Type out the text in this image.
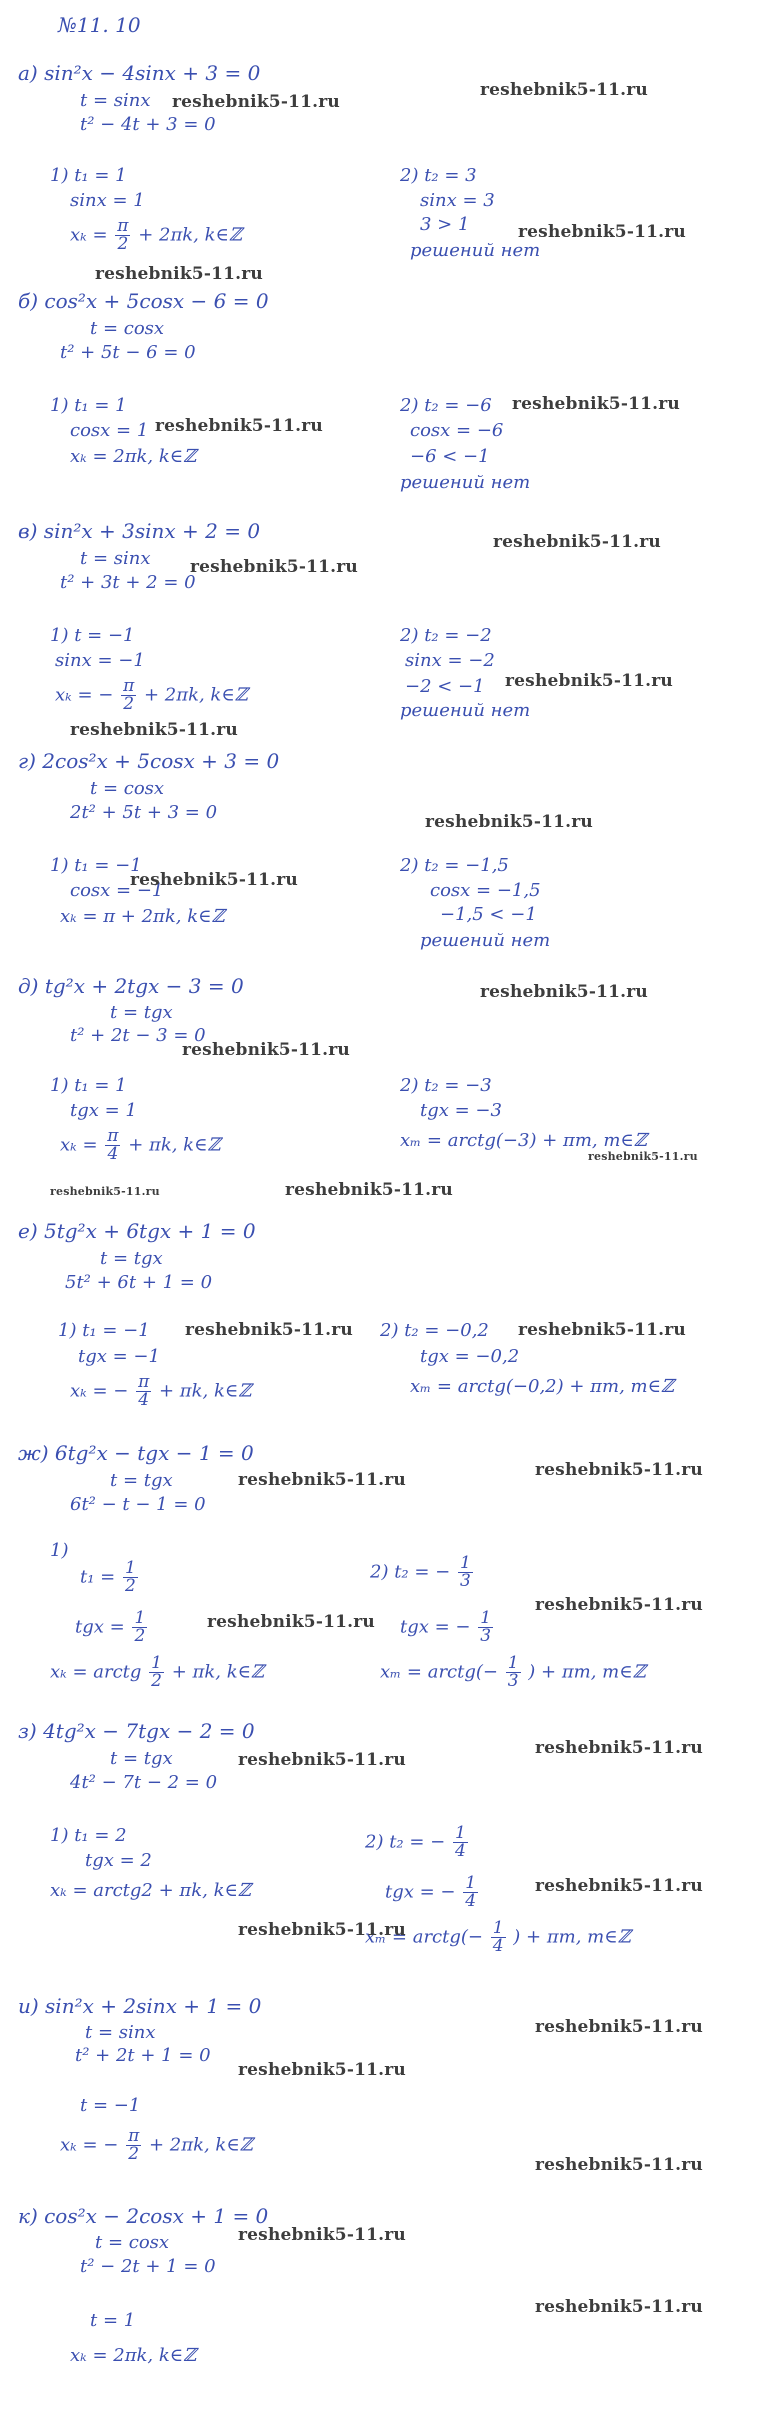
№11. 10
а) sin²x − 4sinx + 3 = 0
t = sinx
t² − 4t + 3 = 0
1) t₁ = 1
sinx = 1
$x_k = \frac{\pi}{2} + 2\pi k$, k∈ℤ
2) t₂ = 3
sinx = 3
3 > 1
решений нет
б) cos²x + 5cosx − 6 = 0
t = cosx
t² + 5t − 6 = 0
1) t₁ = 1
cosx = 1
xₖ = 2πk, k∈ℤ
2) t₂ = −6
cosx = −6
−6 < −1
решений нет
в) sin²x + 3sinx + 2 = 0
t = sinx
t² + 3t + 2 = 0
1) t = −1
sinx = −1
xₖ = − $\frac{\pi}{2} + 2\pi k$, k∈ℤ
2) t₂ = −2
sinx = −2
−2 < −1
решений нет
г) 2cos²x + 5cosx + 3 = 0
t = cosx
2t² + 5t + 3 = 0
1) t₁ = −1
cosx = −1
xₖ = π + 2πk, k∈ℤ
2) t₂ = −1,5
cosx = −1,5
−1,5 < −1
решений нет
д) tg²x + 2tgx − 3 = 0
t = tgx
t² + 2t − 3 = 0
1) t₁ = 1
tgx = 1
$x_k = \frac{\pi}{4} + \pi k$, k∈ℤ
2) t₂ = −3
tgx = −3
xₘ = arctg(−3) + πm, m∈ℤ
е) 5tg²x + 6tgx + 1 = 0
t = tgx
5t² + 6t + 1 = 0
1) t₁ = −1
tgx = −1
xₖ = − $\frac{\pi}{4} + \pi k$, k∈ℤ
2) t₂ = −0,2
tgx = −0,2
xₘ = arctg(−0,2) + πm, m∈ℤ
ж) 6tg²x − tgx − 1 = 0
t = tgx
6t² − t − 1 = 0
1)
$t_1 = \frac{1}{2}$
tgx = $\frac{1}{2}$
xₖ = arctg $\frac{1}{2} + \pi k$, k∈ℤ
2) t₂ = − $\frac{1}{3}$
tgx = − $\frac{1}{3}$
xₘ = arctg(− $\frac{1}{3}$ ) + πm, m∈ℤ
з) 4tg²x − 7tgx − 2 = 0
t = tgx
4t² − 7t − 2 = 0
1) t₁ = 2
tgx = 2
xₖ = arctg2 + πk, k∈ℤ
2) t₂ = − $\frac{1}{4}$
tgx = − $\frac{1}{4}$
xₘ = arctg(− $\frac{1}{4}$ ) + πm, m∈ℤ
и) sin²x + 2sinx + 1 = 0
t = sinx
t² + 2t + 1 = 0
t = −1
xₖ = − $\frac{\pi}{2} + 2\pi k$, k∈ℤ
к) cos²x − 2cosx + 1 = 0
t = cosx
t² − 2t + 1 = 0
t = 1
xₖ = 2πk, k∈ℤ
reshebnik5-11.ru
reshebnik5-11.ru
reshebnik5-11.ru
reshebnik5-11.ru
reshebnik5-11.ru
reshebnik5-11.ru
reshebnik5-11.ru
reshebnik5-11.ru
reshebnik5-11.ru
reshebnik5-11.ru
reshebnik5-11.ru
reshebnik5-11.ru
reshebnik5-11.ru
reshebnik5-11.ru
reshebnik5-11.ru
reshebnik5-11.ru	reshebnik5-11.ru
reshebnik5-11.ru	reshebnik5-11.ru
reshebnik5-11.ru	reshebnik5-11.ru
reshebnik5-11.ru
reshebnik5-11.ru
reshebnik5-11.ru
reshebnik5-11.ru
reshebnik5-11.ru
reshebnik5-11.ru
reshebnik5-11.ru
reshebnik5-11.ru
reshebnik5-11.ru
reshebnik5-11.ru
reshebnik5-11.ru
